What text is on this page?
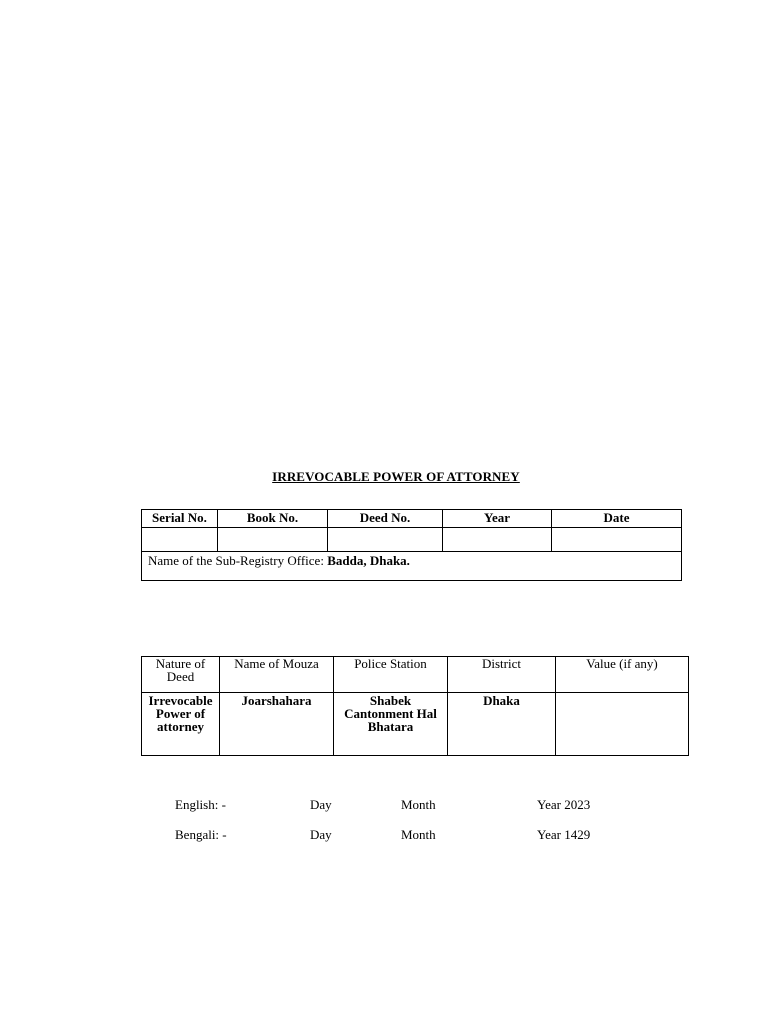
IRREVOCABLE POWER OF ATTORNEY
Serial No.	Book No.	Deed No.	Year	Date

Name of the Sub-Registry Office: Badda, Dhaka.				
Nature of Deed	Name of Mouza	Police Station	District	Value (if any)
Irrevocable Power of attorney	Joarshahara	Shabek Cantonment Hal Bhatara	Dhaka	
English: -	Day	Month	Year 2023
Bengali: -	Day	Month	Year 1429
